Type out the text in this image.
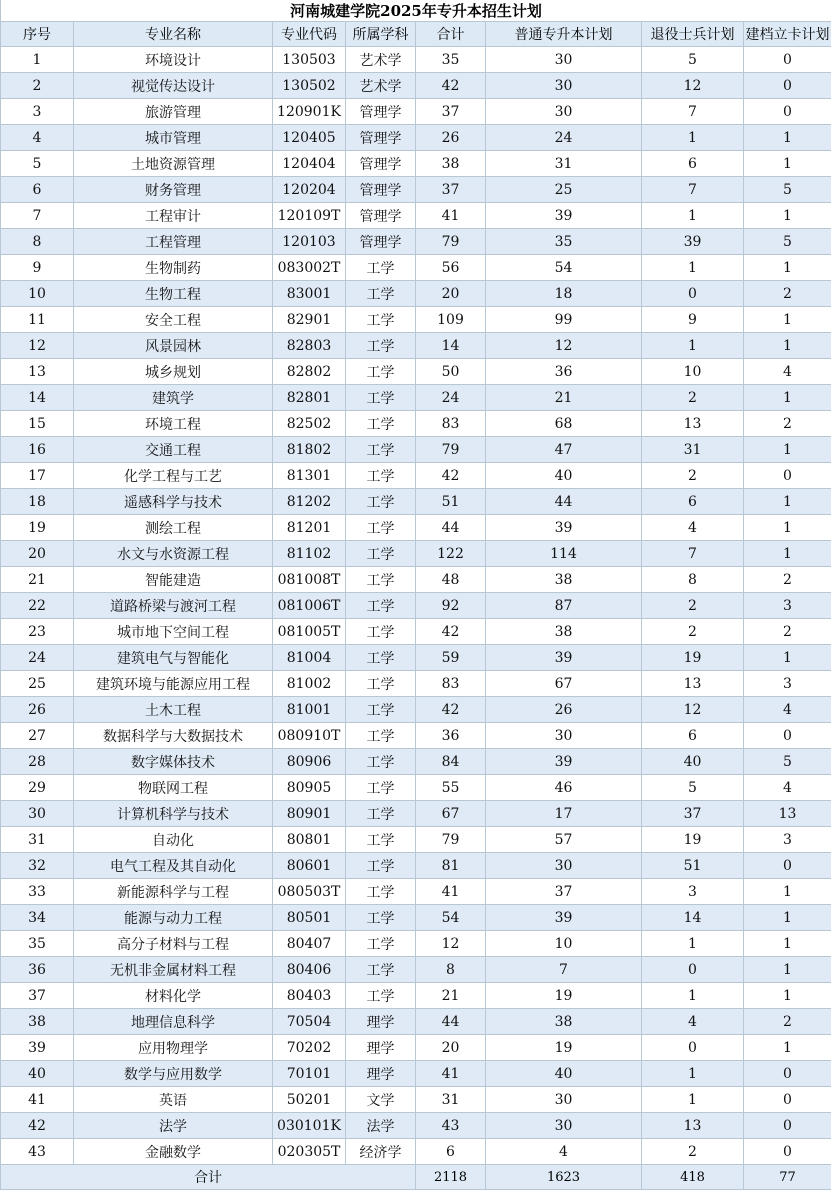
河南城建学院2025年专升本招生计划							
序号	专业名称	专业代码	所属学科	合计	普通专升本计划	退役士兵计划	建档立卡计划
1	环境设计	130503	艺术学	35	30	5	0
2	视觉传达设计	130502	艺术学	42	30	12	0
3	旅游管理	120901K	管理学	37	30	7	0
4	城市管理	120405	管理学	26	24	1	1
5	土地资源管理	120404	管理学	38	31	6	1
6	财务管理	120204	管理学	37	25	7	5
7	工程审计	120109T	管理学	41	39	1	1
8	工程管理	120103	管理学	79	35	39	5
9	生物制药	083002T	工学	56	54	1	1
10	生物工程	83001	工学	20	18	0	2
11	安全工程	82901	工学	109	99	9	1
12	风景园林	82803	工学	14	12	1	1
13	城乡规划	82802	工学	50	36	10	4
14	建筑学	82801	工学	24	21	2	1
15	环境工程	82502	工学	83	68	13	2
16	交通工程	81802	工学	79	47	31	1
17	化学工程与工艺	81301	工学	42	40	2	0
18	遥感科学与技术	81202	工学	51	44	6	1
19	测绘工程	81201	工学	44	39	4	1
20	水文与水资源工程	81102	工学	122	114	7	1
21	智能建造	081008T	工学	48	38	8	2
22	道路桥梁与渡河工程	081006T	工学	92	87	2	3
23	城市地下空间工程	081005T	工学	42	38	2	2
24	建筑电气与智能化	81004	工学	59	39	19	1
25	建筑环境与能源应用工程	81002	工学	83	67	13	3
26	土木工程	81001	工学	42	26	12	4
27	数据科学与大数据技术	080910T	工学	36	30	6	0
28	数字媒体技术	80906	工学	84	39	40	5
29	物联网工程	80905	工学	55	46	5	4
30	计算机科学与技术	80901	工学	67	17	37	13
31	自动化	80801	工学	79	57	19	3
32	电气工程及其自动化	80601	工学	81	30	51	0
33	新能源科学与工程	080503T	工学	41	37	3	1
34	能源与动力工程	80501	工学	54	39	14	1
35	高分子材料与工程	80407	工学	12	10	1	1
36	无机非金属材料工程	80406	工学	8	7	0	1
37	材料化学	80403	工学	21	19	1	1
38	地理信息科学	70504	理学	44	38	4	2
39	应用物理学	70202	理学	20	19	0	1
40	数学与应用数学	70101	理学	41	40	1	0
41	英语	50201	文学	31	30	1	0
42	法学	030101K	法学	43	30	13	0
43	金融数学	020305T	经济学	6	4	2	0
合计				2118	1623	418	77
